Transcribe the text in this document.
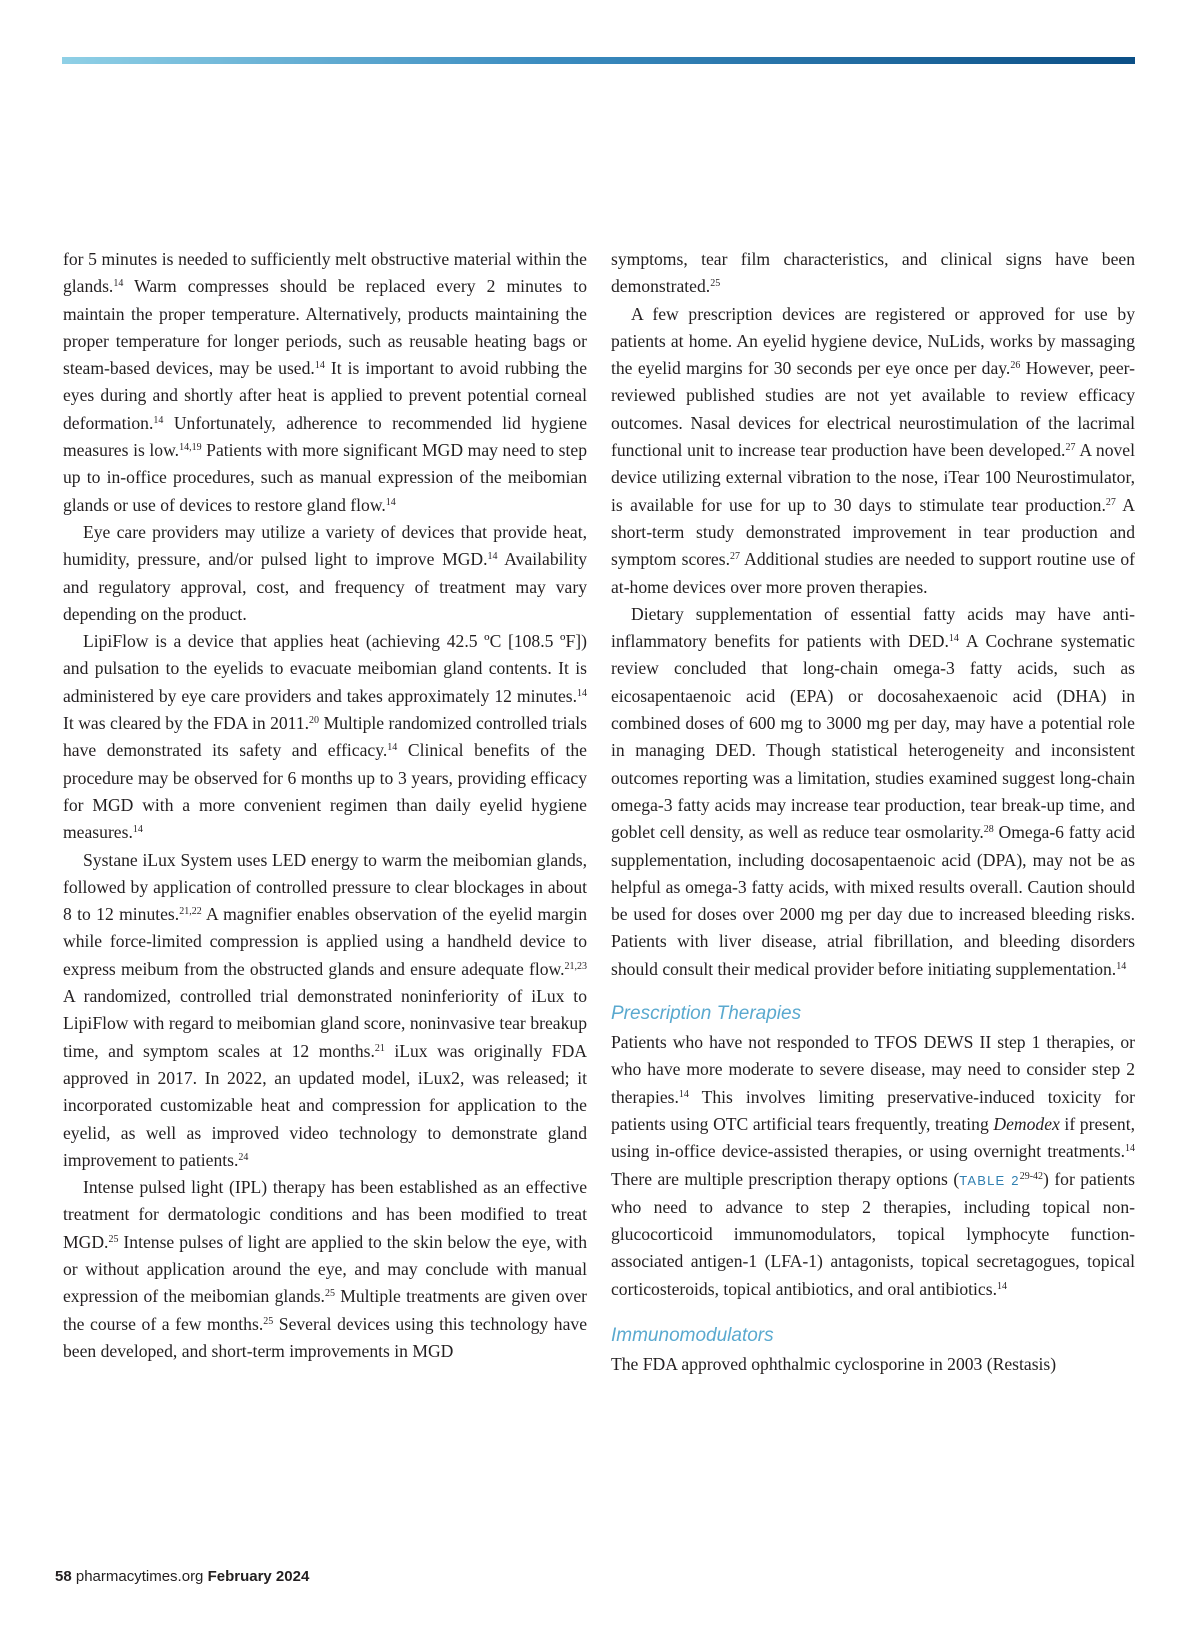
for 5 minutes is needed to sufficiently melt obstructive material within the glands.$^{14}$ Warm compresses should be replaced every 2 minutes to maintain the proper temperature. Alternatively, products maintaining the proper temperature for longer periods, such as reusable heating bags or steam-based devices, may be used.$^{14}$ It is important to avoid rubbing the eyes during and shortly after heat is applied to prevent potential corneal deformation.$^{14}$ Unfortunately, adherence to recommended lid hygiene measures is low.$^{14,19}$ Patients with more significant MGD may need to step up to in-office procedures, such as manual expression of the meibomian glands or use of devices to restore gland flow.$^{14}$

Eye care providers may utilize a variety of devices that provide heat, humidity, pressure, and/or pulsed light to improve MGD.$^{14}$ Availability and regulatory approval, cost, and frequency of treatment may vary depending on the product.

LipiFlow is a device that applies heat (achieving 42.5 ºC [108.5 ºF]) and pulsation to the eyelids to evacuate meibomian gland contents. It is administered by eye care providers and takes approximately 12 minutes.$^{14}$ It was cleared by the FDA in 2011.20 Multiple randomized controlled trials have demonstrated its safety and efficacy.$^{14}$ Clinical benefits of the procedure may be observed for 6 months up to 3 years, providing efficacy for MGD with a more convenient regimen than daily eyelid hygiene measures.$^{14}$

Systane iLux System uses LED energy to warm the meibomian glands, followed by application of controlled pressure to clear blockages in about 8 to 12 minutes.$^{21,22}$ A magnifier enables observation of the eyelid margin while force-limited compression is applied using a handheld device to express meibum from the obstructed glands and ensure adequate flow.$^{21,23}$ A randomized, controlled trial demonstrated noninferiority of iLux to LipiFlow with regard to meibomian gland score, noninvasive tear breakup time, and symptom scales at 12 months.$^{21}$ iLux was originally FDA approved in 2017. In 2022, an updated model, iLux2, was released; it incorporated customizable heat and compression for application to the eyelid, as well as improved video technology to demonstrate gland improvement to patients.$^{24}$

Intense pulsed light (IPL) therapy has been established as an effective treatment for dermatologic conditions and has been modified to treat MGD.$^{25}$ Intense pulses of light are applied to the skin below the eye, with or without application around the eye, and may conclude with manual expression of the meibomian glands.$^{25}$ Multiple treatments are given over the course of a few months.$^{25}$ Several devices using this technology have been developed, and short-term improvements in MGD

symptoms, tear film characteristics, and clinical signs have been demonstrated.$^{25}$

A few prescription devices are registered or approved for use by patients at home. An eyelid hygiene device, NuLids, works by massaging the eyelid margins for 30 seconds per eye once per day.$^{26}$ However, peer-reviewed published studies are not yet available to review efficacy outcomes. Nasal devices for electrical neurostimulation of the lacrimal functional unit to increase tear production have been developed.$^{27}$ A novel device utilizing external vibration to the nose, iTear 100 Neurostimulator, is available for use for up to 30 days to stimulate tear production.$^{27}$ A short-term study demonstrated improvement in tear production and symptom scores.$^{27}$ Additional studies are needed to support routine use of at-home devices over more proven therapies.

Dietary supplementation of essential fatty acids may have anti-inflammatory benefits for patients with DED.$^{14}$ A Cochrane systematic review concluded that long-chain omega-3 fatty acids, such as eicosapentaenoic acid (EPA) or docosahexaenoic acid (DHA) in combined doses of 600 mg to 3000 mg per day, may have a potential role in managing DED. Though statistical heterogeneity and inconsistent outcomes reporting was a limitation, studies examined suggest long-chain omega-3 fatty acids may increase tear production, tear break-up time, and goblet cell density, as well as reduce tear osmolarity.$^{28}$ Omega-6 fatty acid supplementation, including docosapentaenoic acid (DPA), may not be as helpful as omega-3 fatty acids, with mixed results overall. Caution should be used for doses over 2000 mg per day due to increased bleeding risks. Patients with liver disease, atrial fibrillation, and bleeding disorders should consult their medical provider before initiating supplementation.$^{14}$

Prescription Therapies

Patients who have not responded to TFOS DEWS II step 1 therapies, or who have more moderate to severe disease, may need to consider step 2 therapies.$^{14}$ This involves limiting preservative-induced toxicity for patients using OTC artificial tears frequently, treating Demodex if present, using in-office device-assisted therapies, or using overnight treatments.$^{14}$ There are multiple prescription therapy options (TABLE 2$^{29-42}$) for patients who need to advance to step 2 therapies, including topical non-glucocorticoid immunomodulators, topical lymphocyte function-associated antigen-1 (LFA-1) antagonists, topical secretagogues, topical corticosteroids, topical antibiotics, and oral antibiotics.$^{14}$

Immunomodulators

The FDA approved ophthalmic cyclosporine in 2003 (Restasis)

58 pharmacytimes.org February 2024
